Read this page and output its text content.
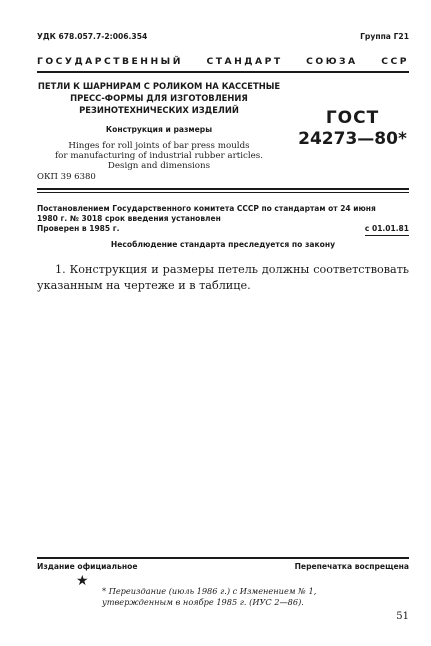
УДК 678.057.7-2:006.354	Группа Г21
ГОСУДАРСТВЕННЫЙ	СТАНДАРТ	СОЮЗА	ССР

ПЕТЛИ К ШАРНИРАМ С РОЛИКОМ НА КАССЕТНЫЕ

ПРЕСС-ФОРМЫ ДЛЯ ИЗГОТОВЛЕНИЯ

РЕЗИНОТЕХНИЧЕСКИХ ИЗДЕЛИЙ

Конструкция и размеры

Hinges for roll joints of bar press moulds

for manufacturing of industrial rubber articles.

Design and dimensions

ГОСТ
24273—80*
ОКП 39 6380
Постановлением Государственного комитета СССР по стандартам от 24 июня
1980 г. № 3018 срок введения установлен
Проверен в 1985 г.	с 01.01.81
Несоблюдение стандарта преследуется по закону

1. Конструкция и размеры петель должны соответствовать указанным на чертеже и в таблице.

Издание официальное	Перепечатка воспрещена
★
* Переиздание (июль 1986 г.) с Изменением № 1,
утвержденным в ноябре 1985 г. (ИУС 2—86).
51
